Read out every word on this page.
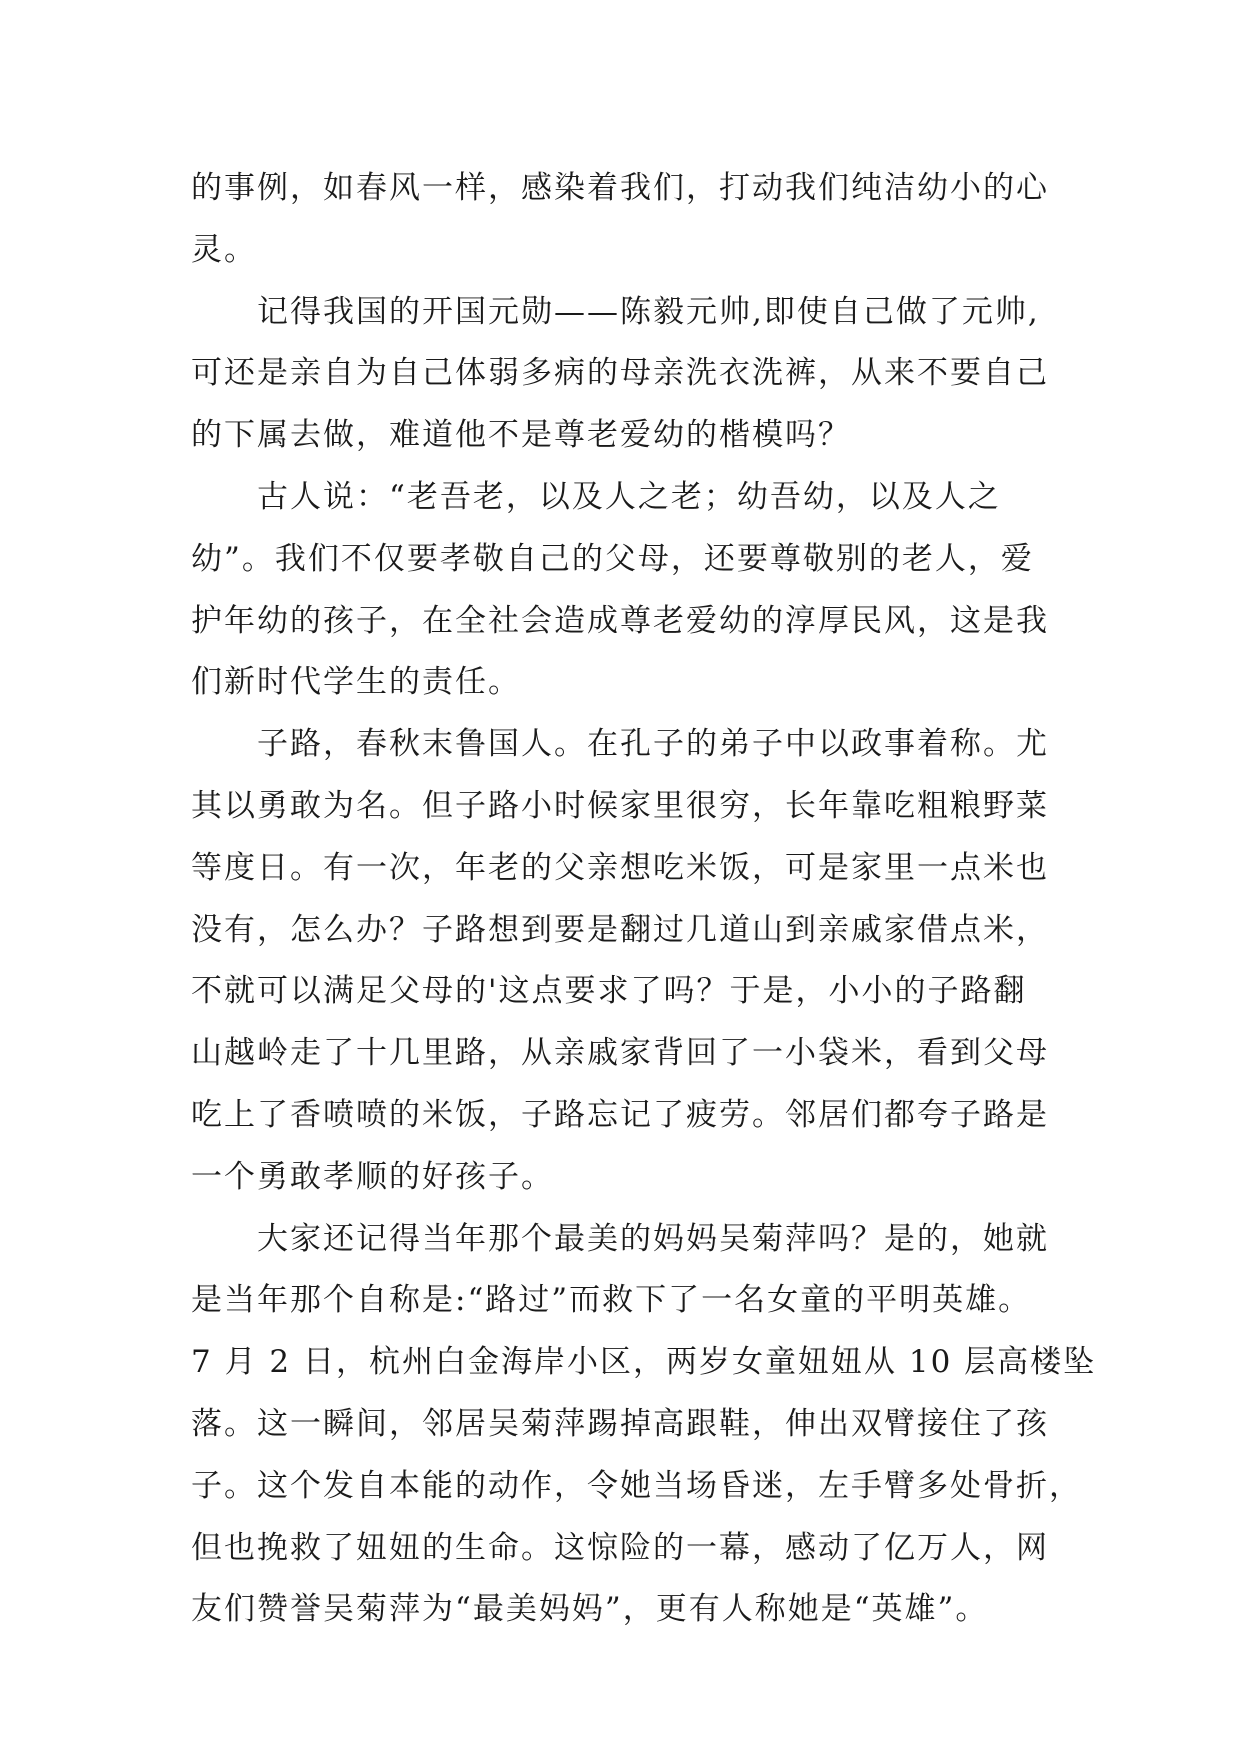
的事例，如春风一样，感染着我们，打动我们纯洁幼小的心
灵。
记得我国的开国元勋——陈毅元帅,即使自己做了元帅,
可还是亲自为自己体弱多病的母亲洗衣洗裤，从来不要自己
的下属去做，难道他不是尊老爱幼的楷模吗？
古人说：“老吾老，以及人之老；幼吾幼，以及人之
幼”。我们不仅要孝敬自己的父母，还要尊敬别的老人，爱
护年幼的孩子，在全社会造成尊老爱幼的淳厚民风，这是我
们新时代学生的责任。
子路，春秋末鲁国人。在孔子的弟子中以政事着称。尤
其以勇敢为名。但子路小时候家里很穷，长年靠吃粗粮野菜
等度日。有一次，年老的父亲想吃米饭，可是家里一点米也
没有，怎么办？子路想到要是翻过几道山到亲戚家借点米，
不就可以满足父母的'这点要求了吗？于是，小小的子路翻
山越岭走了十几里路，从亲戚家背回了一小袋米，看到父母
吃上了香喷喷的米饭，子路忘记了疲劳。邻居们都夸子路是
一个勇敢孝顺的好孩子。
大家还记得当年那个最美的妈妈吴菊萍吗？是的，她就
是当年那个自称是:“路过”而救下了一名女童的平明英雄。
7 月 2 日，杭州白金海岸小区，两岁女童妞妞从 10 层高楼坠
落。这一瞬间，邻居吴菊萍踢掉高跟鞋，伸出双臂接住了孩
子。这个发自本能的动作，令她当场昏迷，左手臂多处骨折，
但也挽救了妞妞的生命。这惊险的一幕，感动了亿万人，网
友们赞誉吴菊萍为“最美妈妈”，更有人称她是“英雄”。
